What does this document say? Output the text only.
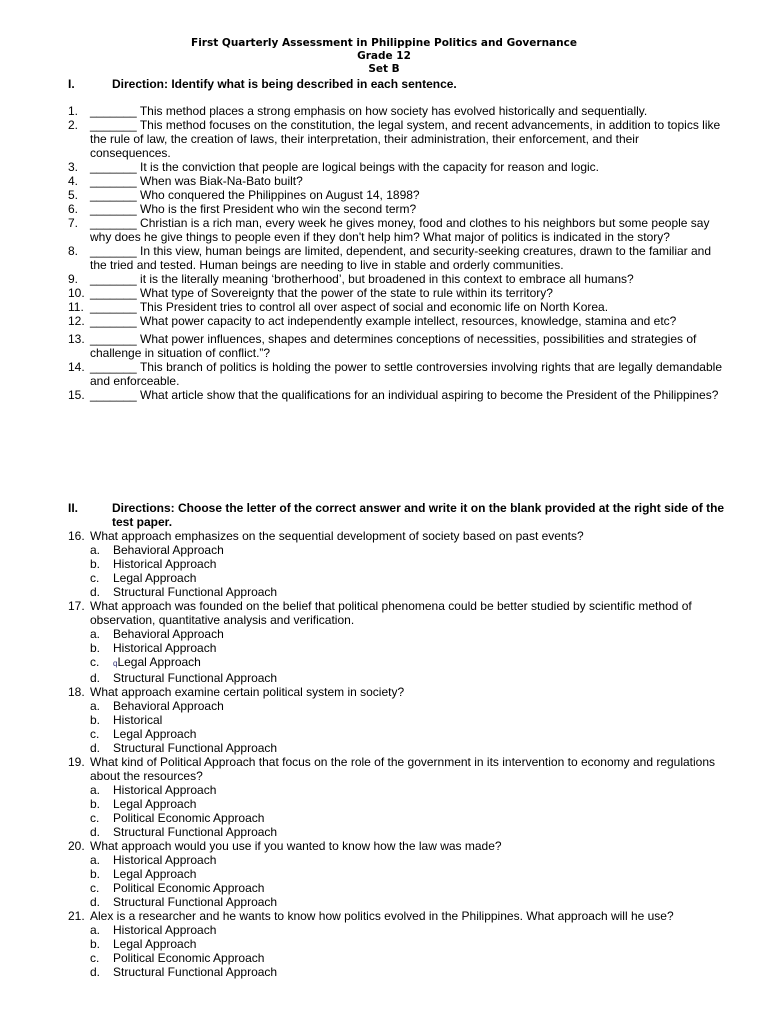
First Quarterly Assessment in Philippine Politics and Governance
Grade 12
Set B
I.	Direction: Identify what is being described in each sentence.
1. _______ This method places a strong emphasis on how society has evolved historically and sequentially.
2. _______ This method focuses on the constitution, the legal system, and recent advancements, in addition to topics like the rule of law, the creation of laws, their interpretation, their administration, their enforcement, and their consequences.
3. _______ It is the conviction that people are logical beings with the capacity for reason and logic.
4. _______ When was Biak-Na-Bato built?
5. _______ Who conquered the Philippines on August 14, 1898?
6. _______ Who is the first President who win the second term?
7. _______ Christian is a rich man, every week he gives money, food and clothes to his neighbors but some people say why does he give things to people even if they don't help him? What major of politics is indicated in the story?
8. _______ In this view, human beings are limited, dependent, and security-seeking creatures, drawn to the familiar and the tried and tested. Human beings are needing to live in stable and orderly communities.
9. _______ it is the literally meaning ‘brotherhood’, but broadened in this context to embrace all humans?
10. _______ What type of Sovereignty that the power of the state to rule within its territory?
11. _______ This President tries to control all over aspect of social and economic life on North Korea.
12. _______ What power capacity to act independently example intellect, resources, knowledge, stamina and etc?
13. _______ What power influences, shapes and determines conceptions of necessities, possibilities and strategies of challenge in situation of conflict.”?
14. _______ This branch of politics is holding the power to settle controversies involving rights that are legally demandable and enforceable.
15. _______ What article show that the qualifications for an individual aspiring to become the President of the Philippines?
II.	Directions: Choose the letter of the correct answer and write it on the blank provided at the right side of the test paper.
16. What approach emphasizes on the sequential development of society based on past events?
a. Behavioral Approach
b. Historical Approach
c. Legal Approach
d. Structural Functional Approach
17. What approach was founded on the belief that political phenomena could be better studied by scientific method of observation, quantitative analysis and verification.
a. Behavioral Approach
b. Historical Approach
c. qLegal Approach
d. Structural Functional Approach
18. What approach examine certain political system in society?
a. Behavioral Approach
b. Historical
c. Legal Approach
d. Structural Functional Approach
19. What kind of Political Approach that focus on the role of the government in its intervention to economy and regulations about the resources?
a. Historical Approach
b. Legal Approach
c. Political Economic Approach
d. Structural Functional Approach
20. What approach would you use if you wanted to know how the law was made?
a. Historical Approach
b. Legal Approach
c. Political Economic Approach
d. Structural Functional Approach
21. Alex is a researcher and he wants to know how politics evolved in the Philippines. What approach will he use?
a. Historical Approach
b. Legal Approach
c. Political Economic Approach
d. Structural Functional Approach
